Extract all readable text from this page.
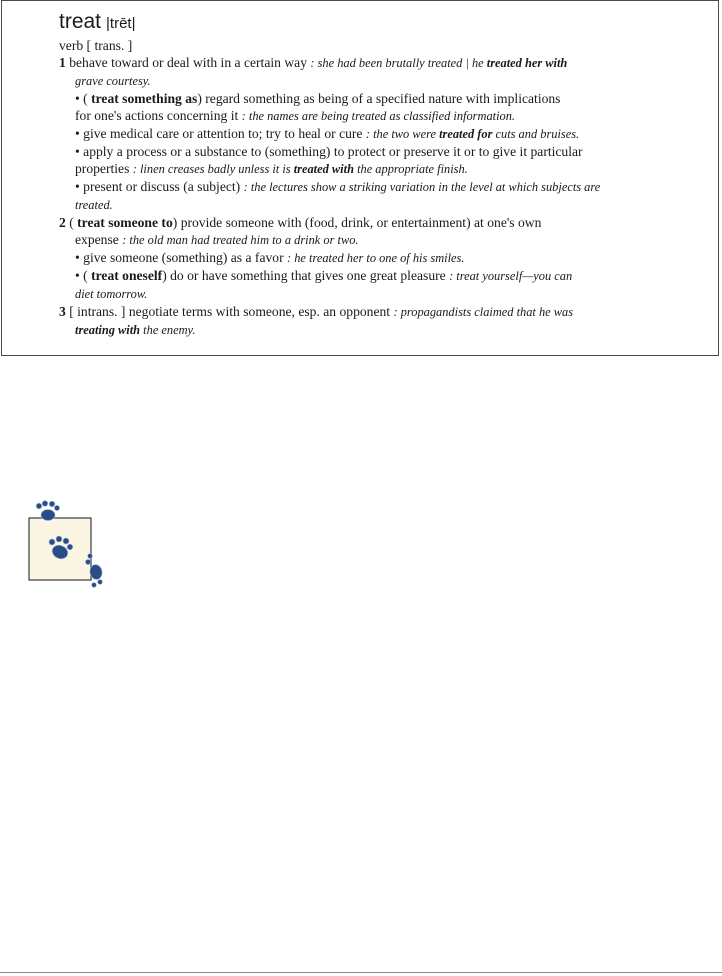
treat |trēt|
verb [ trans. ]
1 behave toward or deal with in a certain way : she had been brutally treated | he treated her with
grave courtesy.
• ( treat something as) regard something as being of a specified nature with implications
for one's actions concerning it : the names are being treated as classified information.
• give medical care or attention to; try to heal or cure : the two were treated for cuts and bruises.
• apply a process or a substance to (something) to protect or preserve it or to give it particular
properties : linen creases badly unless it is treated with the appropriate finish.
• present or discuss (a subject) : the lectures show a striking variation in the level at which subjects are
treated.
2 ( treat someone to) provide someone with (food, drink, or entertainment) at one's own
expense : the old man had treated him to a drink or two.
• give someone (something) as a favor : he treated her to one of his smiles.
• ( treat oneself) do or have something that gives one great pleasure : treat yourself—you can
diet tomorrow.
3 [ intrans. ] negotiate terms with someone, esp. an opponent : propagandists claimed that he was
treating with the enemy.
